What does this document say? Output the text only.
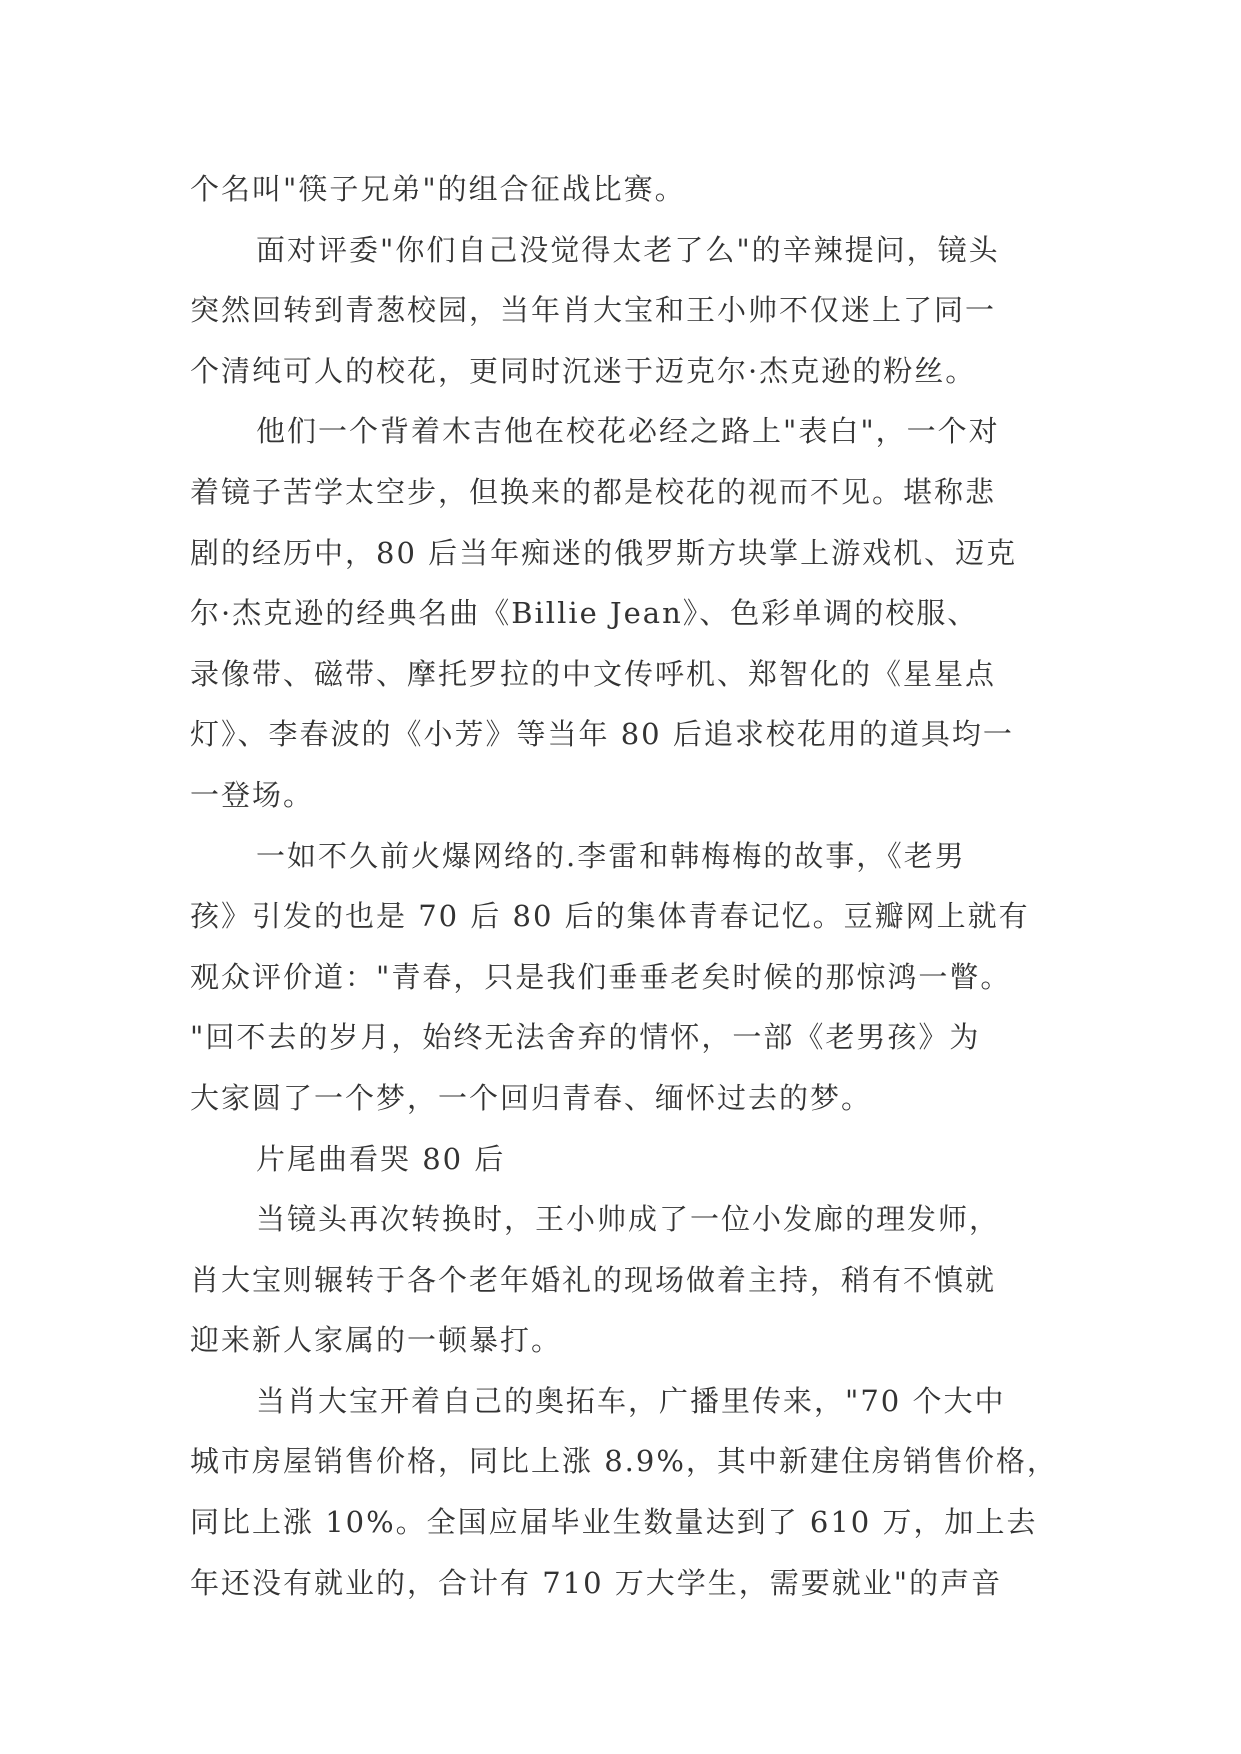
个名叫"筷子兄弟"的组合征战比赛。
面对评委"你们自己没觉得太老了么"的辛辣提问，镜头
突然回转到青葱校园，当年肖大宝和王小帅不仅迷上了同一
个清纯可人的校花，更同时沉迷于迈克尔·杰克逊的粉丝。
他们一个背着木吉他在校花必经之路上"表白"，一个对
着镜子苦学太空步，但换来的都是校花的视而不见。堪称悲
剧的经历中，80 后当年痴迷的俄罗斯方块掌上游戏机、迈克
尔·杰克逊的经典名曲《Billie Jean》、色彩单调的校服、
录像带、磁带、摩托罗拉的中文传呼机、郑智化的《星星点
灯》、李春波的《小芳》等当年 80 后追求校花用的道具均一
一登场。
一如不久前火爆网络的.李雷和韩梅梅的故事，《老男
孩》引发的也是 70 后 80 后的集体青春记忆。豆瓣网上就有
观众评价道："青春，只是我们垂垂老矣时候的那惊鸿一瞥。
"回不去的岁月，始终无法舍弃的情怀，一部《老男孩》为
大家圆了一个梦，一个回归青春、缅怀过去的梦。
片尾曲看哭 80 后
当镜头再次转换时，王小帅成了一位小发廊的理发师，
肖大宝则辗转于各个老年婚礼的现场做着主持，稍有不慎就
迎来新人家属的一顿暴打。
当肖大宝开着自己的奥拓车，广播里传来，"70 个大中
城市房屋销售价格，同比上涨 8.9%，其中新建住房销售价格，
同比上涨 10%。全国应届毕业生数量达到了 610 万，加上去
年还没有就业的，合计有 710 万大学生，需要就业"的声音
